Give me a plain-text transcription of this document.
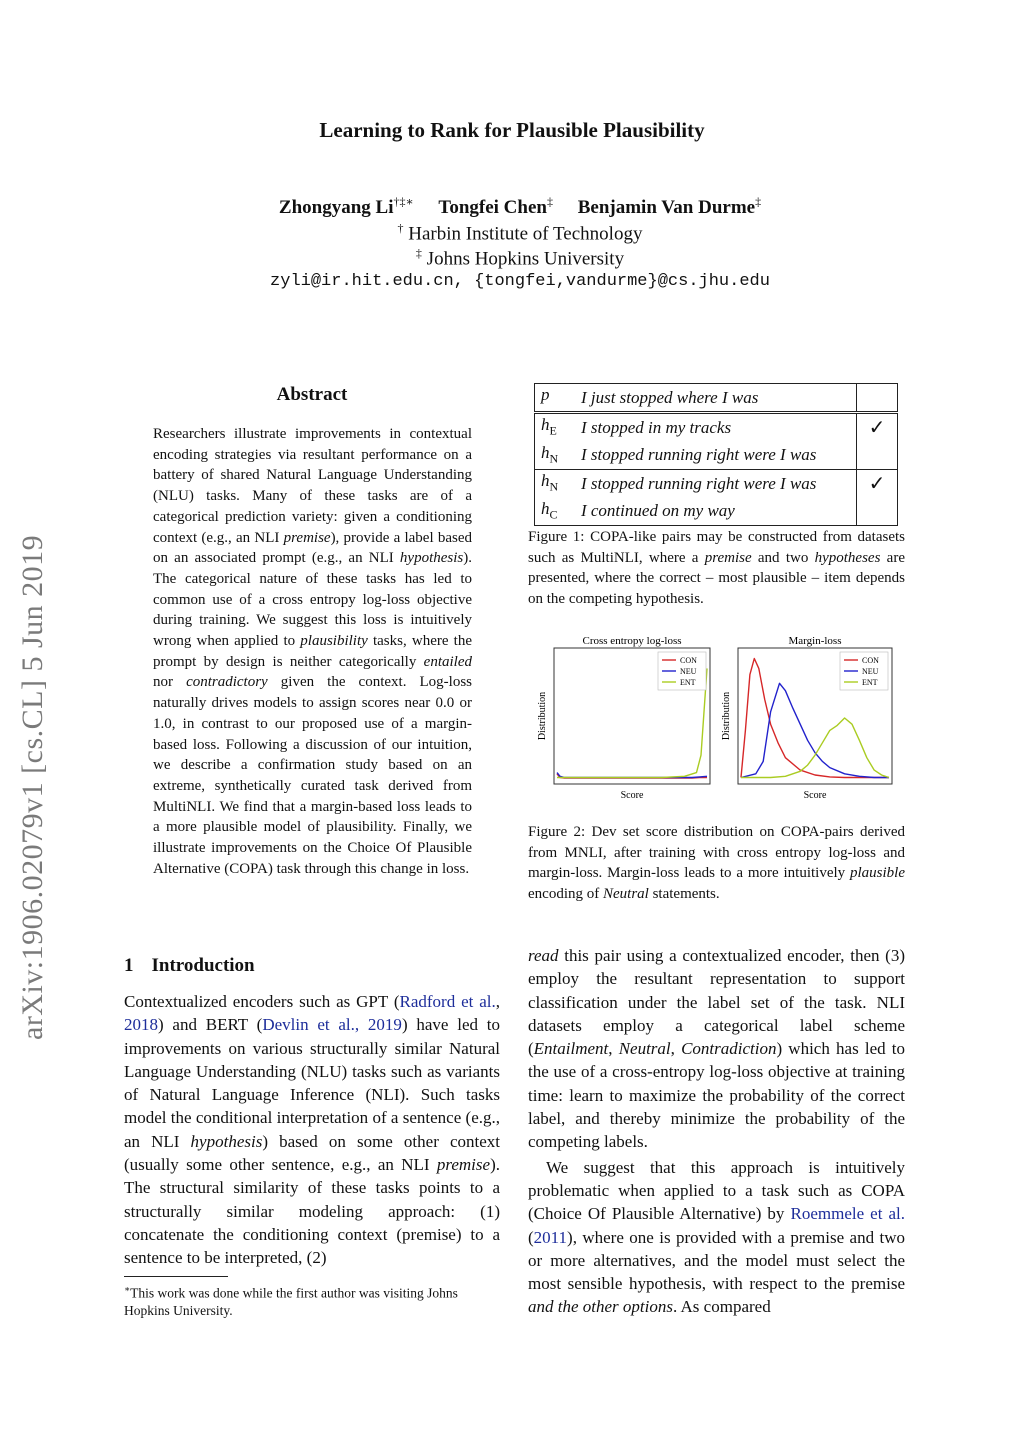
Learning to Rank for Plausible Plausibility
Zhongyang Li†‡∗ Tongfei Chen‡ Benjamin Van Durme‡
† Harbin Institute of Technology
‡ Johns Hopkins University
zyli@ir.hit.edu.cn, {tongfei,vandurme}@cs.jhu.edu
arXiv:1906.02079v1 [cs.CL] 5 Jun 2019
Abstract
Researchers illustrate improvements in contextual encoding strategies via resultant performance on a battery of shared Natural Language Understanding (NLU) tasks. Many of these tasks are of a categorical prediction variety: given a conditioning context (e.g., an NLI premise), provide a label based on an associated prompt (e.g., an NLI hypothesis). The categorical nature of these tasks has led to common use of a cross entropy log-loss objective during training. We suggest this loss is intuitively wrong when applied to plausibility tasks, where the prompt by design is neither categorically entailed nor contradictory given the context. Log-loss naturally drives models to assign scores near 0.0 or 1.0, in contrast to our proposed use of a margin-based loss. Following a discussion of our intuition, we describe a confirmation study based on an extreme, synthetically curated task derived from MultiNLI. We find that a margin-based loss leads to a more plausible model of plausibility. Finally, we illustrate improvements on the Choice Of Plausible Alternative (COPA) task through this change in loss.
1 Introduction
Contextualized encoders such as GPT (Radford et al., 2018) and BERT (Devlin et al., 2019) have led to improvements on various structurally similar Natural Language Understanding (NLU) tasks such as variants of Natural Language Inference (NLI). Such tasks model the conditional interpretation of a sentence (e.g., an NLI hypothesis) based on some other context (usually some other sentence, e.g., an NLI premise). The structural similarity of these tasks points to a structurally similar modeling approach: (1) concatenate the conditioning context (premise) to a sentence to be interpreted, (2)
∗This work was done while the first author was visiting Johns Hopkins University.
p	I just stopped where I was	
$h_E$	I stopped in my tracks	✓
$h_N$	I stopped running right were I was	
$h_N$	I stopped running right were I was	✓
$h_C$	I continued on my way	
Figure 1: COPA-like pairs may be constructed from datasets such as MultiNLI, where a premise and two hypotheses are presented, where the correct – most plausible – item depends on the competing hypothesis.
Cross entropy log-loss
Distribution
Score
CON
NEU
ENT
Margin-loss
Distribution
Score
CON
NEU
ENT
Figure 2: Dev set score distribution on COPA-pairs derived from MNLI, after training with cross entropy log-loss and margin-loss. Margin-loss leads to a more intuitively plausible encoding of Neutral statements.
read this pair using a contextualized encoder, then (3) employ the resultant representation to support classification under the label set of the task. NLI datasets employ a categorical label scheme (Entailment, Neutral, Contradiction) which has led to the use of a cross-entropy log-loss objective at training time: learn to maximize the probability of the correct label, and thereby minimize the probability of the competing labels.
We suggest that this approach is intuitively problematic when applied to a task such as COPA (Choice Of Plausible Alternative) by Roemmele et al. (2011), where one is provided with a premise and two or more alternatives, and the model must select the most sensible hypothesis, with respect to the premise and the other options. As compared
